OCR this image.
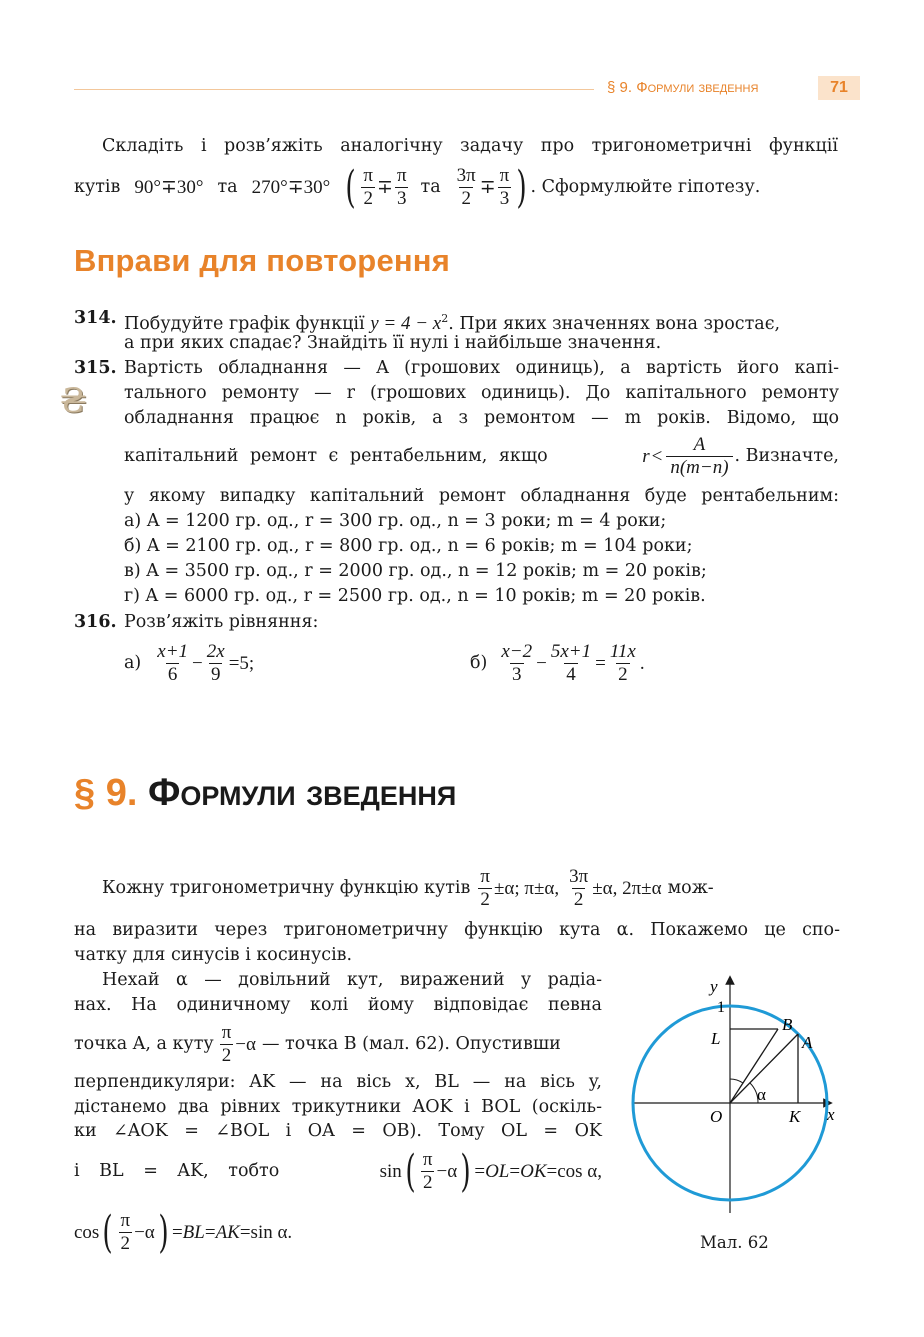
§ 9. Формули зведення	71
Складіть і розв’яжіть аналогічну задачу про тригонометричні функції
кутів 90°∓30° та 270°∓30° ( $\frac{\pi}{2} \mp \frac{\pi}{3}$ та $\frac{3\pi}{2} \mp \frac{\pi}{3}$ ) . Сформулюйте гіпотезу.
Вправи для повторення
314. Побудуйте графік функції $y = 4 - x^2$. При яких значеннях вона зростає,
а при яких спадає? Знайдіть її нулі і найбільше значення.
315.
₴
Вартість обладнання — A (грошових одиниць), а вартість його капі-
тального ремонту — r (грошових одиниць). До капітального ремонту
обладнання працює n років, а з ремонтом — m років. Відомо, що
капітальний ремонт є рентабельним, якщо	$r < \frac{A}{n(m-n)}$ . Визначте,
у якому випадку капітальний ремонт обладнання буде рентабельним:
а) A = 1200 гр. од., r = 300 гр. од., n = 3 роки; m = 4 роки;
б) A = 2100 гр. од., r = 800 гр. од., n = 6 років; m = 104 роки;
в) A = 3500 гр. од., r = 2000 гр. од., n = 12 років; m = 20 років;
г) A = 6000 гр. од., r = 2500 гр. од., n = 10 років; m = 20 років.
316. Розв’яжіть рівняння:
$а) \frac{x+1}{6} - \frac{2x}{9} =5$;	$б) \frac{x-2}{3} - \frac{5x+1}{4} = \frac{11x}{2}$ .
§ 9. Формули зведення
Кожну тригонометричну функцію кутів $\frac{\pi}{2} \pm\alpha$; π±α, $\frac{3\pi}{2} \pm\alpha$, 2π±α мож-
на виразити через тригонометричну функцію кута α. Покажемо це спо-
чатку для синусів і косинусів.
Нехай α — довільний кут, виражений у радіа-
нах. На одиничному колі йому відповідає певна
точка A, а куту $\frac{\pi}{2} -\alpha$ — точка B (мал. 62). Опустивши
перпендикуляри: AK — на вісь x, BL — на вісь y,
дістанемо два рівних трикутники AOK і BOL (оскіль-
ки ∠AOK = ∠BOL і OA = OB). Тому OL = OK
і BL = AK, тобто	sin ( $\frac{\pi}{2} -\alpha$ ) =OL=OK=cos α,
cos ( $\frac{\pi}{2} -\alpha$ ) =BL=AK=sin α.
y
1
L
B
A
α
O	K x
Мал. 62
